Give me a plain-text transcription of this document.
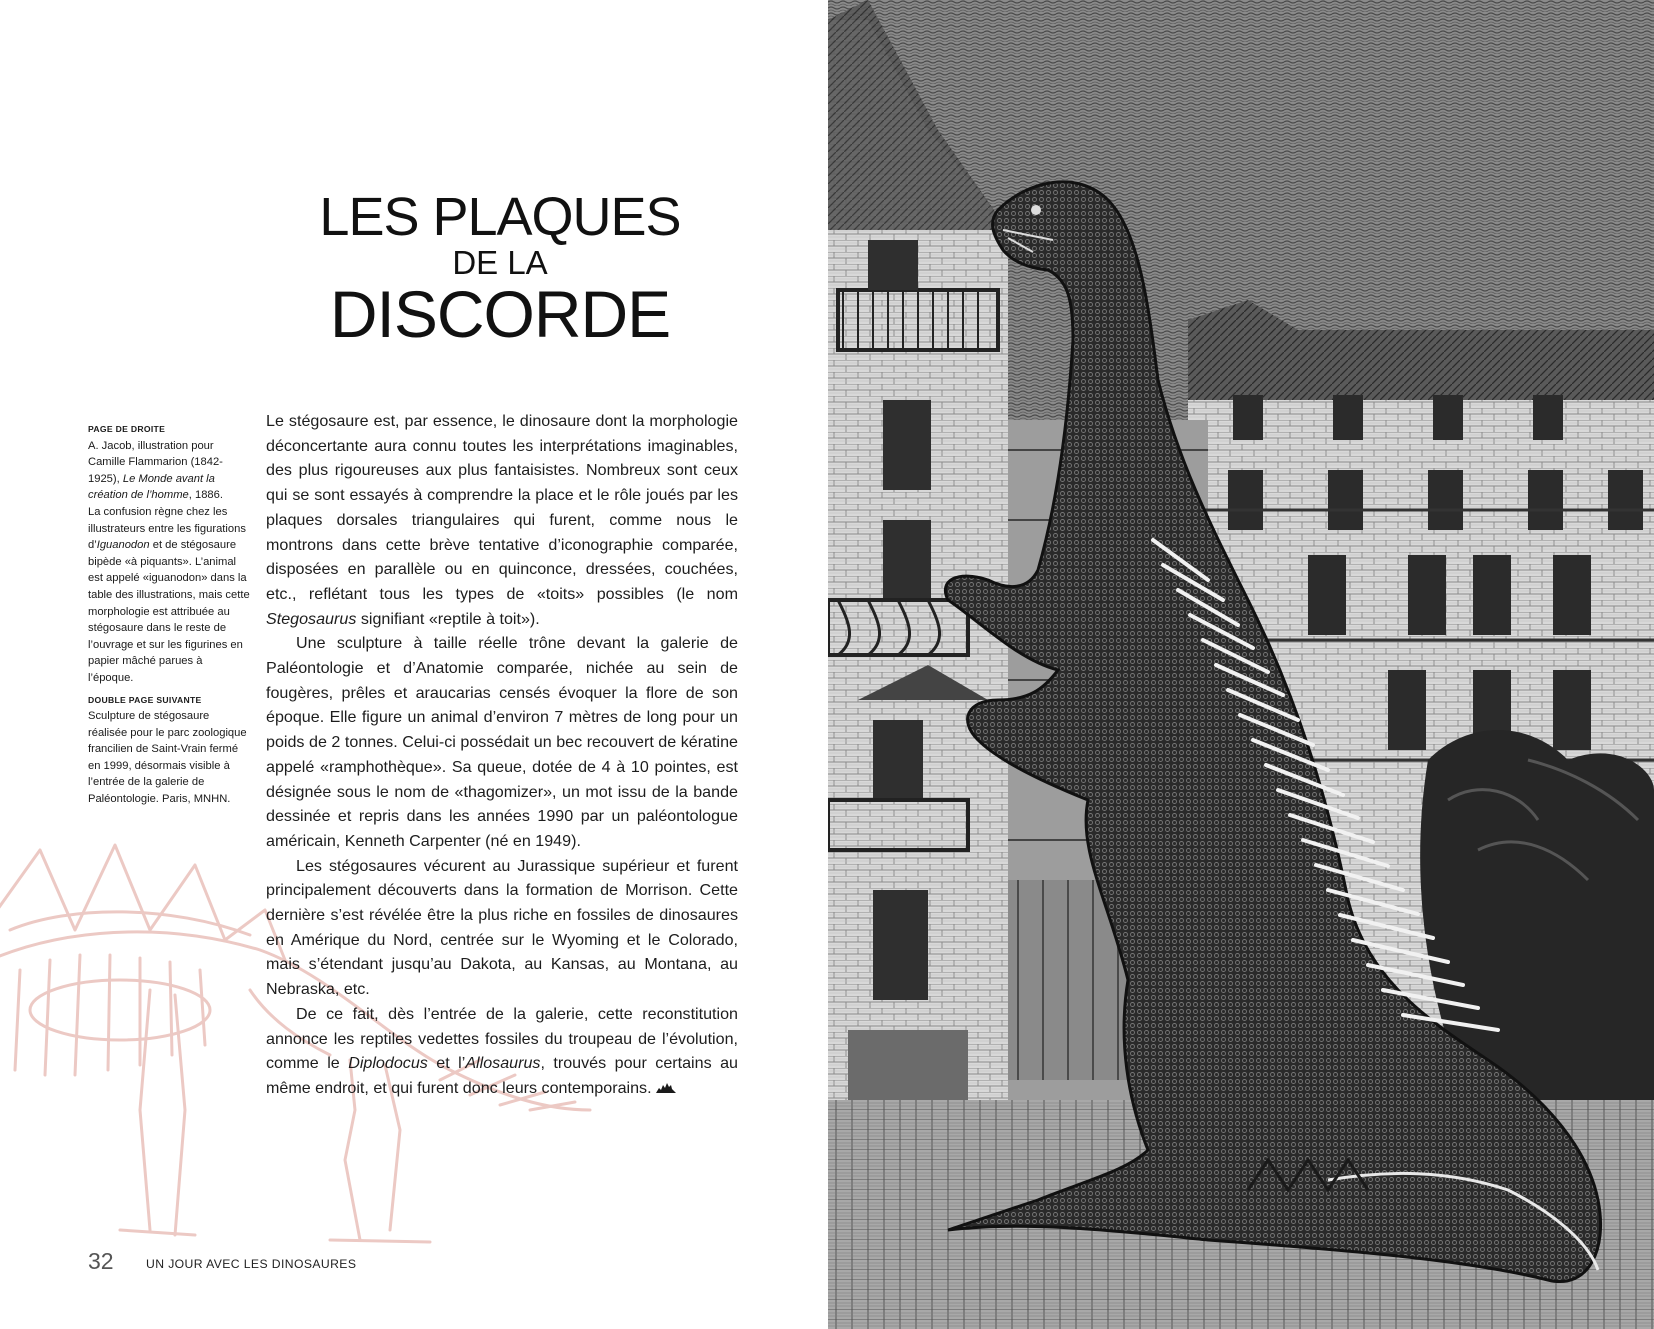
LES PLAQUES
DE LA
DISCORDE

PAGE DE DROITE

A. Jacob, illustration pour Camille Flammarion (1842-1925), Le Monde avant la création de l’homme, 1886.
La confusion règne chez les illustrateurs entre les figurations d’Iguanodon et de stégosaure bipède «à piquants». L’animal est appelé «iguanodon» dans la table des illustrations, mais cette morphologie est attribuée au stégosaure dans le reste de l’ouvrage et sur les figurines en papier mâché parues à l’époque.

DOUBLE PAGE SUIVANTE

Sculpture de stégosaure réalisée pour le parc zoologique francilien de Saint-Vrain fermé en 1999, désormais visible à l’entrée de la galerie de Paléontologie. Paris, MNHN.

Le stégosaure est, par essence, le dinosaure dont la morphologie déconcertante aura connu toutes les interprétations imaginables, des plus rigoureuses aux plus fantaisistes. Nombreux sont ceux qui se sont essayés à comprendre la place et le rôle joués par les plaques dorsales triangulaires qui furent, comme nous le montrons dans cette brève tentative d’iconographie comparée, disposées en parallèle ou en quinconce, dressées, couchées, etc., reflétant tous les types de «toits» possibles (le nom Stegosaurus signifiant «reptile à toit»).

Une sculpture à taille réelle trône devant la galerie de Paléontologie et d’Anatomie comparée, nichée au sein de fougères, prêles et araucarias censés évoquer la flore de son époque. Elle figure un animal d’environ 7 mètres de long pour un poids de 2 tonnes. Celui-ci possédait un bec recouvert de kératine appelé «ramphothèque». Sa queue, dotée de 4 à 10 pointes, est désignée sous le nom de «thagomizer», un mot issu de la bande dessinée et repris dans les années 1990 par un paléontologue américain, Kenneth Carpenter (né en 1949).

Les stégosaures vécurent au Jurassique supérieur et furent principalement découverts dans la formation de Morrison. Cette dernière s’est révélée être la plus riche en fossiles de dinosaures en Amérique du Nord, centrée sur le Wyoming et le Colorado, mais s’étendant jusqu’au Dakota, au Kansas, au Montana, au Nebraska, etc.

De ce fait, dès l’entrée de la galerie, cette reconstitution annonce les reptiles vedettes fossiles du troupeau de l’évolution, comme le Diplodocus et l’Allosaurus, trouvés pour certains au même endroit, et qui furent donc leurs contemporains.

32	UN JOUR AVEC LES DINOSAURES
